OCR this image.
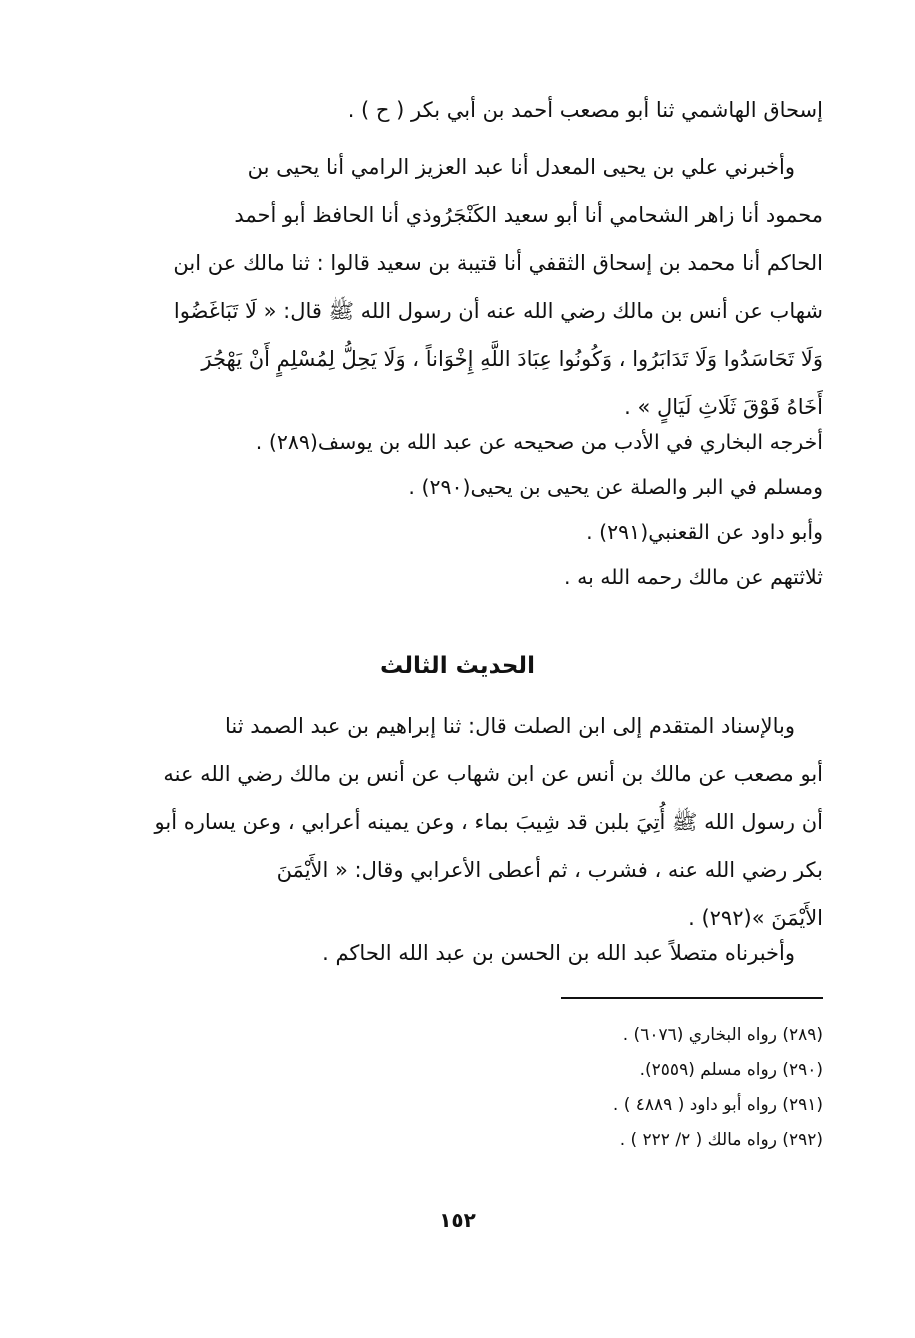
إسحاق الهاشمي ثنا أبو مصعب أحمد بن أبي بكر ( ح ) .
وأخبرني علي بن يحيى المعدل أنا عبد العزيز الرامي أنا يحيى بن
محمود أنا زاهر الشحامي أنا أبو سعيد الكَنْجَرُوذي أنا الحافظ أبو أحمد
الحاكم أنا محمد بن إسحاق الثقفي أنا قتيبة بن سعيد قالوا : ثنا مالك عن ابن
شهاب عن أنس بن مالك رضي الله عنه أن رسول الله ﷺ قال: « لَا تَبَاغَضُوا
وَلَا تَحَاسَدُوا وَلَا تَدَابَرُوا ، وَكُونُوا عِبَادَ اللَّهِ إِخْوَاناً ، وَلَا يَحِلُّ لِمُسْلِمٍ أَنْ يَهْجُرَ
أَخَاهُ فَوْقَ ثَلَاثِ لَيَالٍ » .
أخرجه البخاري في الأدب من صحيحه عن عبد الله بن يوسف(٢٨٩) .
ومسلم في البر والصلة عن يحيى بن يحيى(٢٩٠) .
وأبو داود عن القعنبي(٢٩١) .
ثلاثتهم عن مالك رحمه الله به .
الحديث الثالث
وبالإسناد المتقدم إلى ابن الصلت قال: ثنا إبراهيم بن عبد الصمد ثنا
أبو مصعب عن مالك بن أنس عن ابن شهاب عن أنس بن مالك رضي الله عنه
أن رسول الله ﷺ أُتِيَ بلبن قد شِيبَ بماء ، وعن يمينه أعرابي ، وعن يساره أبو
بكر رضي الله عنه ، فشرب ، ثم أعطى الأعرابي وقال: « الأَيْمَنَ
الأَيْمَنَ »(٢٩٢) .
وأخبرناه متصلاً عبد الله بن الحسن بن عبد الله الحاكم .
(٢٨٩) رواه البخاري (٦٠٧٦) .
(٢٩٠) رواه مسلم (٢٥٥٩).
(٢٩١) رواه أبو داود ( ٤٨٨٩ ) .
(٢٩٢) رواه مالك ( ٢/ ٢٢٢ ) .
١٥٢
